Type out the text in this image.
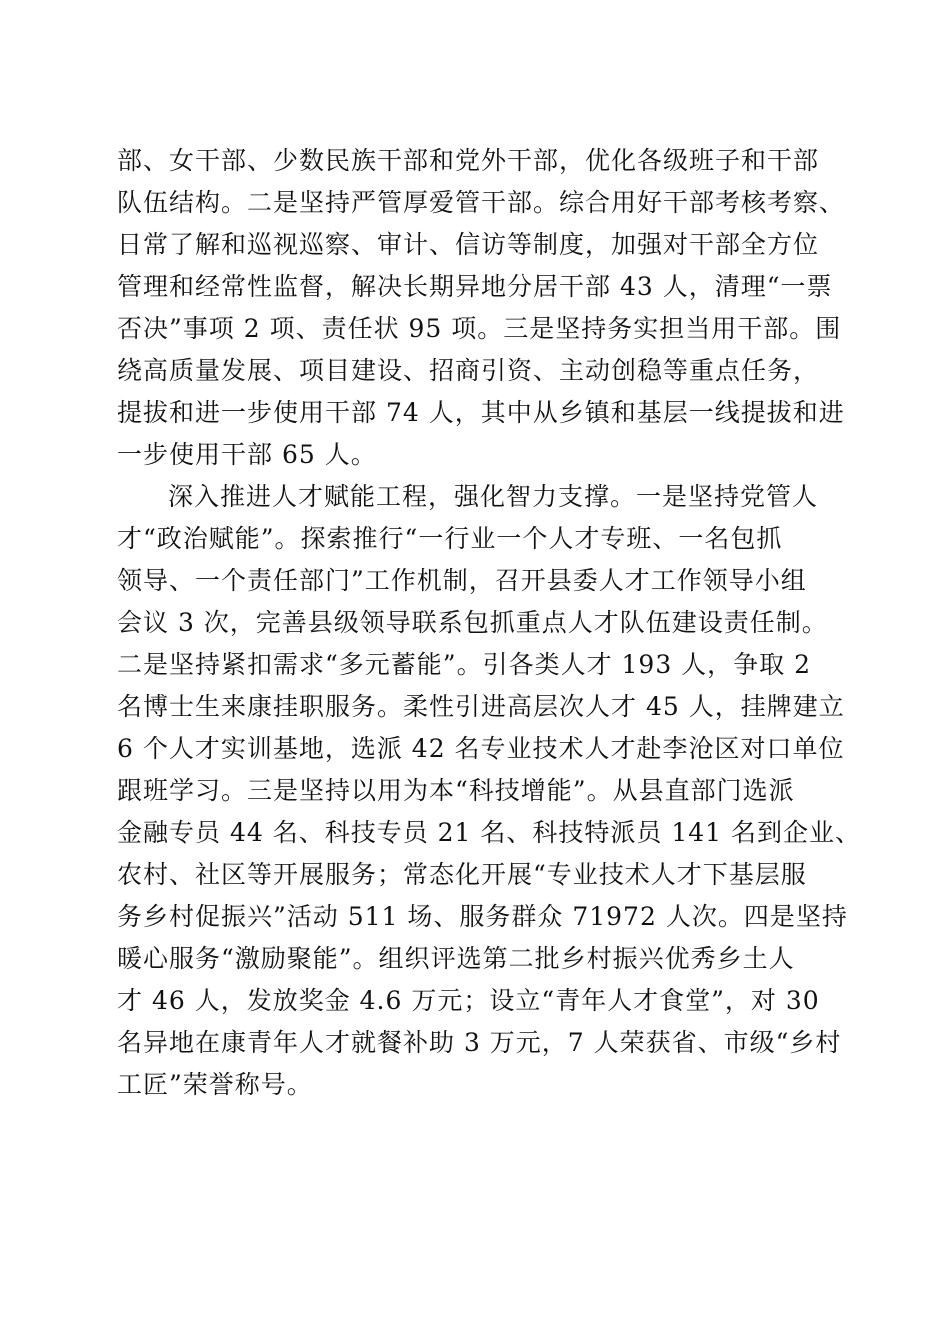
部、女干部、少数民族干部和党外干部，优化各级班子和干部
队伍结构。二是坚持严管厚爱管干部。综合用好干部考核考察、
日常了解和巡视巡察、审计、信访等制度，加强对干部全方位
管理和经常性监督，解决长期异地分居干部 43 人，清理“一票
否决”事项 2 项、责任状 95 项。三是坚持务实担当用干部。围
绕高质量发展、项目建设、招商引资、主动创稳等重点任务，
提拔和进一步使用干部 74 人，其中从乡镇和基层一线提拔和进
一步使用干部 65 人。
深入推进人才赋能工程，强化智力支撑。一是坚持党管人
才“政治赋能”。探索推行“一行业一个人才专班、一名包抓
领导、一个责任部门”工作机制，召开县委人才工作领导小组
会议 3 次，完善县级领导联系包抓重点人才队伍建设责任制。
二是坚持紧扣需求“多元蓄能”。引各类人才 193 人，争取 2
名博士生来康挂职服务。柔性引进高层次人才 45 人，挂牌建立
6 个人才实训基地，选派 42 名专业技术人才赴李沧区对口单位
跟班学习。三是坚持以用为本“科技增能”。从县直部门选派
金融专员 44 名、科技专员 21 名、科技特派员 141 名到企业、
农村、社区等开展服务；常态化开展“专业技术人才下基层服
务乡村促振兴”活动 511 场、服务群众 71972 人次。四是坚持
暖心服务“激励聚能”。组织评选第二批乡村振兴优秀乡土人
才 46 人，发放奖金 4.6 万元；设立“青年人才食堂”，对 30
名异地在康青年人才就餐补助 3 万元，7 人荣获省、市级“乡村
工匠”荣誉称号。
